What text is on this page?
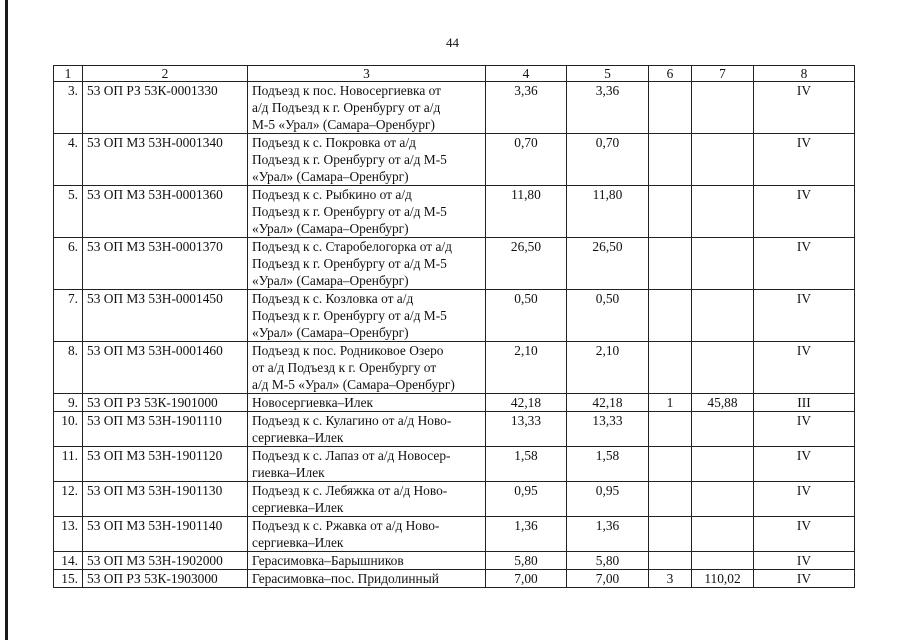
44
1	2	3	4	5	6	7	8
3.	53 ОП РЗ 53К-0001330	Подъезд к пос. Новосергиевка от
а/д Подъезд к г. Оренбургу от а/д
М-5 «Урал» (Самара–Оренбург)	3,36	3,36			IV
4.	53 ОП МЗ 53Н-0001340	Подъезд к с. Покровка от а/д
Подъезд к г. Оренбургу от а/д М-5
«Урал» (Самара–Оренбург)	0,70	0,70			IV
5.	53 ОП МЗ 53Н-0001360	Подъезд к с. Рыбкино от а/д
Подъезд к г. Оренбургу от а/д М-5
«Урал» (Самара–Оренбург)	11,80	11,80			IV
6.	53 ОП МЗ 53Н-0001370	Подъезд к с. Старобелогорка от а/д
Подъезд к г. Оренбургу от а/д М-5
«Урал» (Самара–Оренбург)	26,50	26,50			IV
7.	53 ОП МЗ 53Н-0001450	Подъезд к с. Козловка от а/д
Подъезд к г. Оренбургу от а/д М-5
«Урал» (Самара–Оренбург)	0,50	0,50			IV
8.	53 ОП МЗ 53Н-0001460	Подъезд к пос. Родниковое Озеро
от а/д Подъезд к г. Оренбургу от
а/д М-5 «Урал» (Самара–Оренбург)	2,10	2,10			IV
9.	53 ОП РЗ 53К-1901000	Новосергиевка–Илек	42,18	42,18	1	45,88	III
10.	53 ОП МЗ 53Н-1901110	Подъезд к с. Кулагино от а/д Ново-
сергиевка–Илек	13,33	13,33			IV
11.	53 ОП МЗ 53Н-1901120	Подъезд к с. Лапаз от а/д Новосер-
гиевка–Илек	1,58	1,58			IV
12.	53 ОП МЗ 53Н-1901130	Подъезд к с. Лебяжка от а/д Ново-
сергиевка–Илек	0,95	0,95			IV
13.	53 ОП МЗ 53Н-1901140	Подъезд к с. Ржавка от а/д Ново-
сергиевка–Илек	1,36	1,36			IV
14.	53 ОП МЗ 53Н-1902000	Герасимовка–Барышников	5,80	5,80			IV
15.	53 ОП РЗ 53К-1903000	Герасимовка–пос. Придолинный	7,00	7,00	3	110,02	IV
